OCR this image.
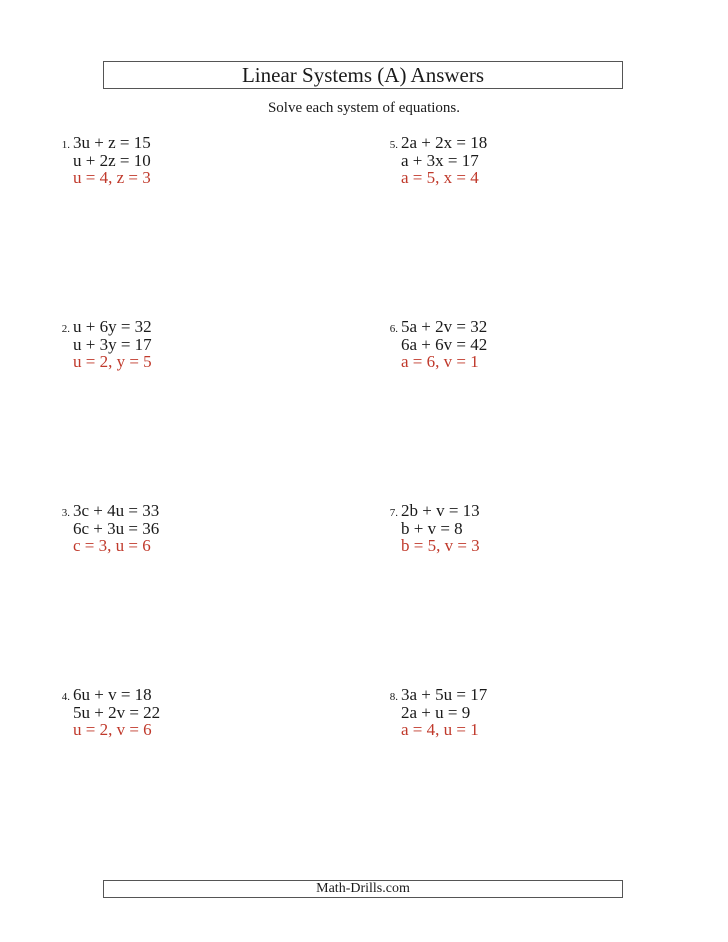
Linear Systems (A) Answers
Solve each system of equations.
1. 3u + z = 15
u + 2z = 10
u = 4, z = 3
2. u + 6y = 32
u + 3y = 17
u = 2, y = 5
3. 3c + 4u = 33
6c + 3u = 36
c = 3, u = 6
4. 6u + v = 18
5u + 2v = 22
u = 2, v = 6
5. 2a + 2x = 18
a + 3x = 17
a = 5, x = 4
6. 5a + 2v = 32
6a + 6v = 42
a = 6, v = 1
7. 2b + v = 13
b + v = 8
b = 5, v = 3
8. 3a + 5u = 17
2a + u = 9
a = 4, u = 1
Math-Drills.com
